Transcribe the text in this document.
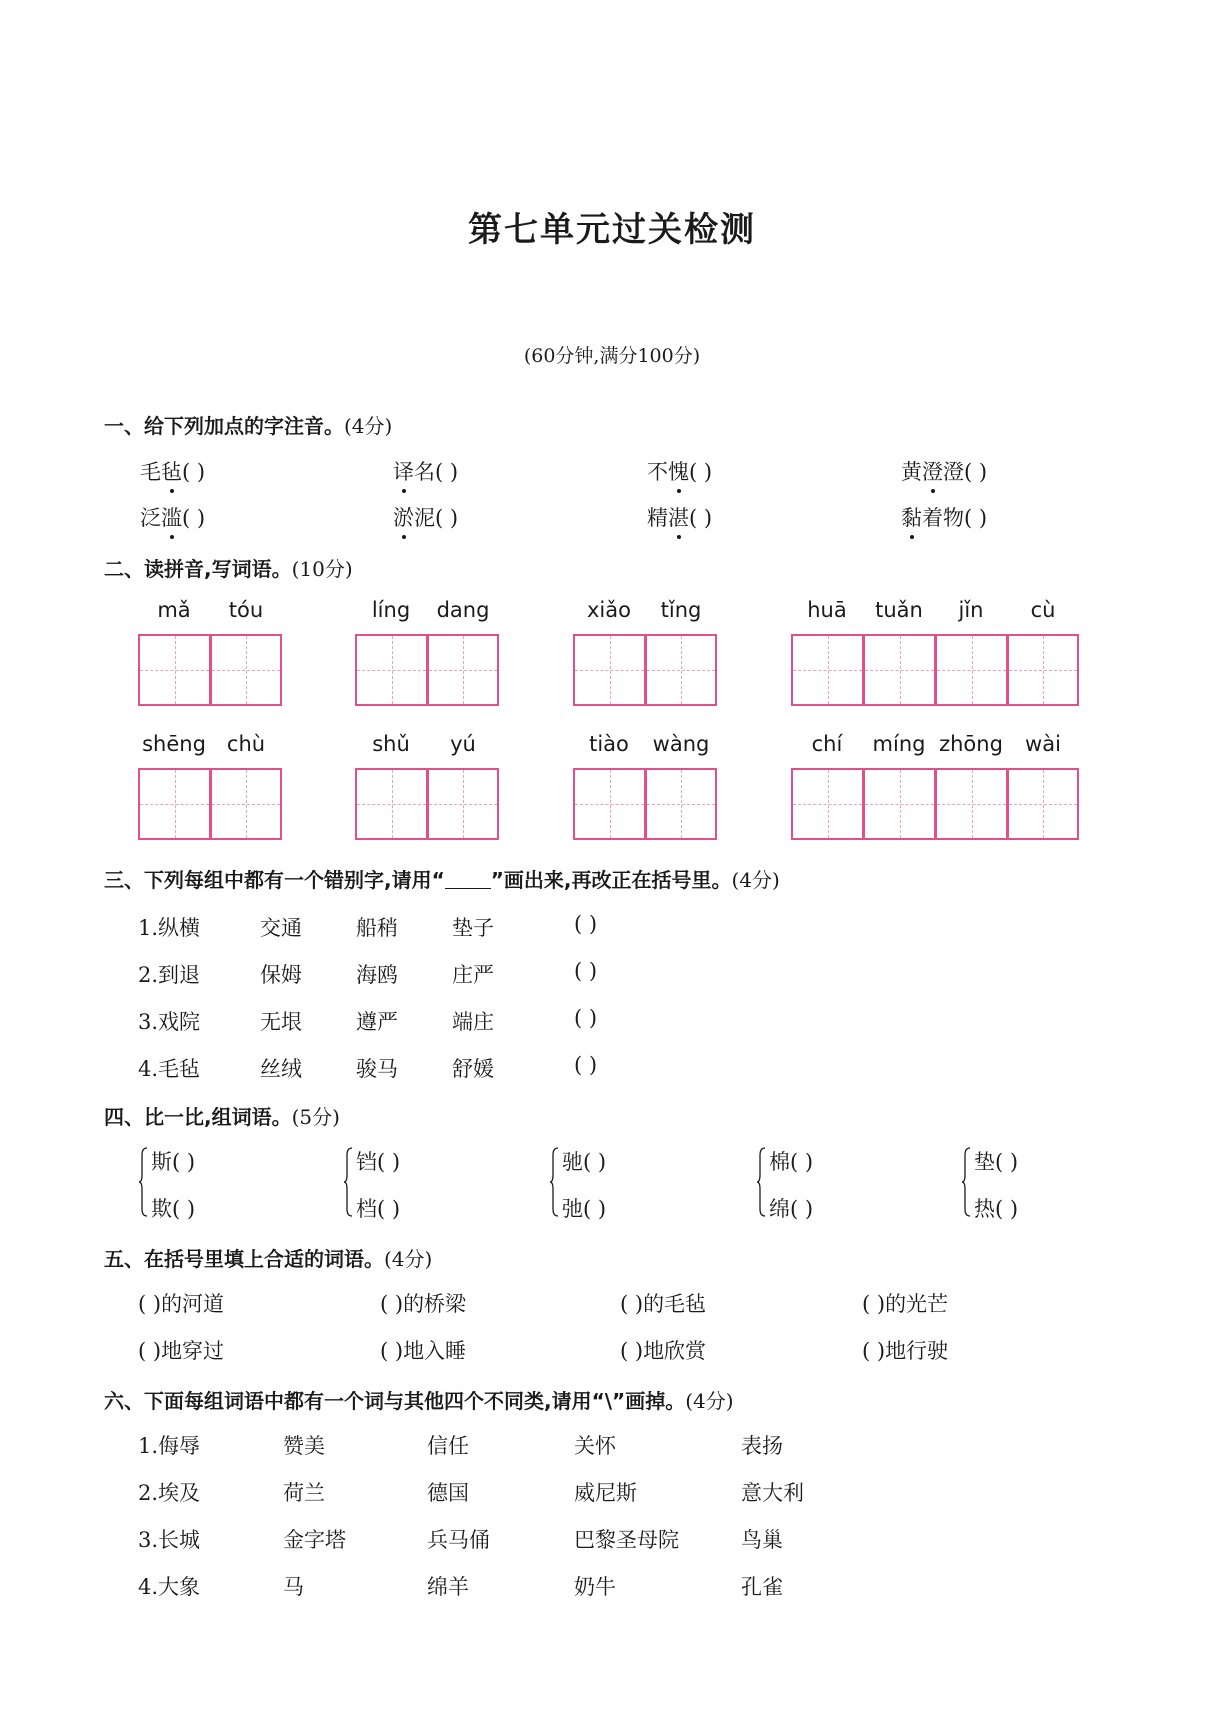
第七单元过关检测
(60分钟,满分100分)
一、给下列加点的字注音。(4分)
毛毡( )	译名( )	不愧( )	黄澄澄( )
泛滥( )	淤泥( )	精湛( )	黏着物( )
二、读拼音,写词语。(10分)
mǎ	tóu	líng	dang	xiǎo	tǐng	huā	tuǎn	jǐn	cù
shēng	chù	shǔ	yú	tiào	wàng	chí	míng zhōng	wài
三、下列每组中都有一个错别字,请用“ ”画出来,再改正在括号里。(4分)
1.纵横	交通	船稍	垫子	( )
2.到退	保姆	海鸥	庄严	( )
3.戏院	无垠	遵严	端庄	( )
4.毛毡	丝绒	骏马	舒媛	( )
四、比一比,组词语。(5分)
斯( )
欺( )
铛( )
档( )
驰( )
弛( )
棉( )
绵( )
垫( )
热( )
五、在括号里填上合适的词语。(4分)
( )的河道	( )的桥梁	( )的毛毡	( )的光芒
( )地穿过	( )地入睡	( )地欣赏	( )地行驶
六、下面每组词语中都有一个词与其他四个不同类,请用“\”画掉。(4分)
1.侮辱	赞美	信任	关怀	表扬
2.埃及	荷兰	德国	威尼斯	意大利
3.长城	金字塔	兵马俑	巴黎圣母院	鸟巢
4.大象	马	绵羊	奶牛	孔雀
